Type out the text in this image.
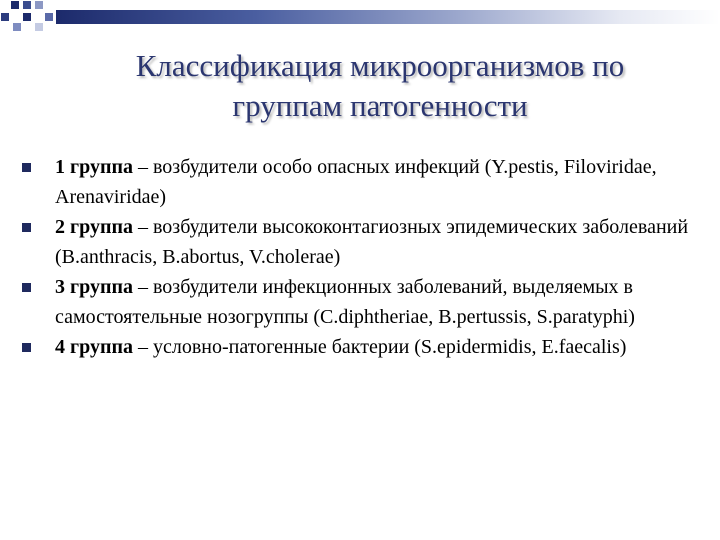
Классификация микроорганизмов по
группам патогенности
1 группа – возбудители особо опасных инфекций (Y.pestis, Filoviridae, Arenaviridae)
2 группа – возбудители высококонтагиозных эпидемических заболеваний (B.anthracis, B.abortus, V.cholerae)
3 группа – возбудители инфекционных заболеваний, выделяемых в самостоятельные нозогруппы (C.diphtheriae, B.pertussis, S.paratyphi)
4 группа – условно-патогенные бактерии (S.epidermidis, E.faecalis)
